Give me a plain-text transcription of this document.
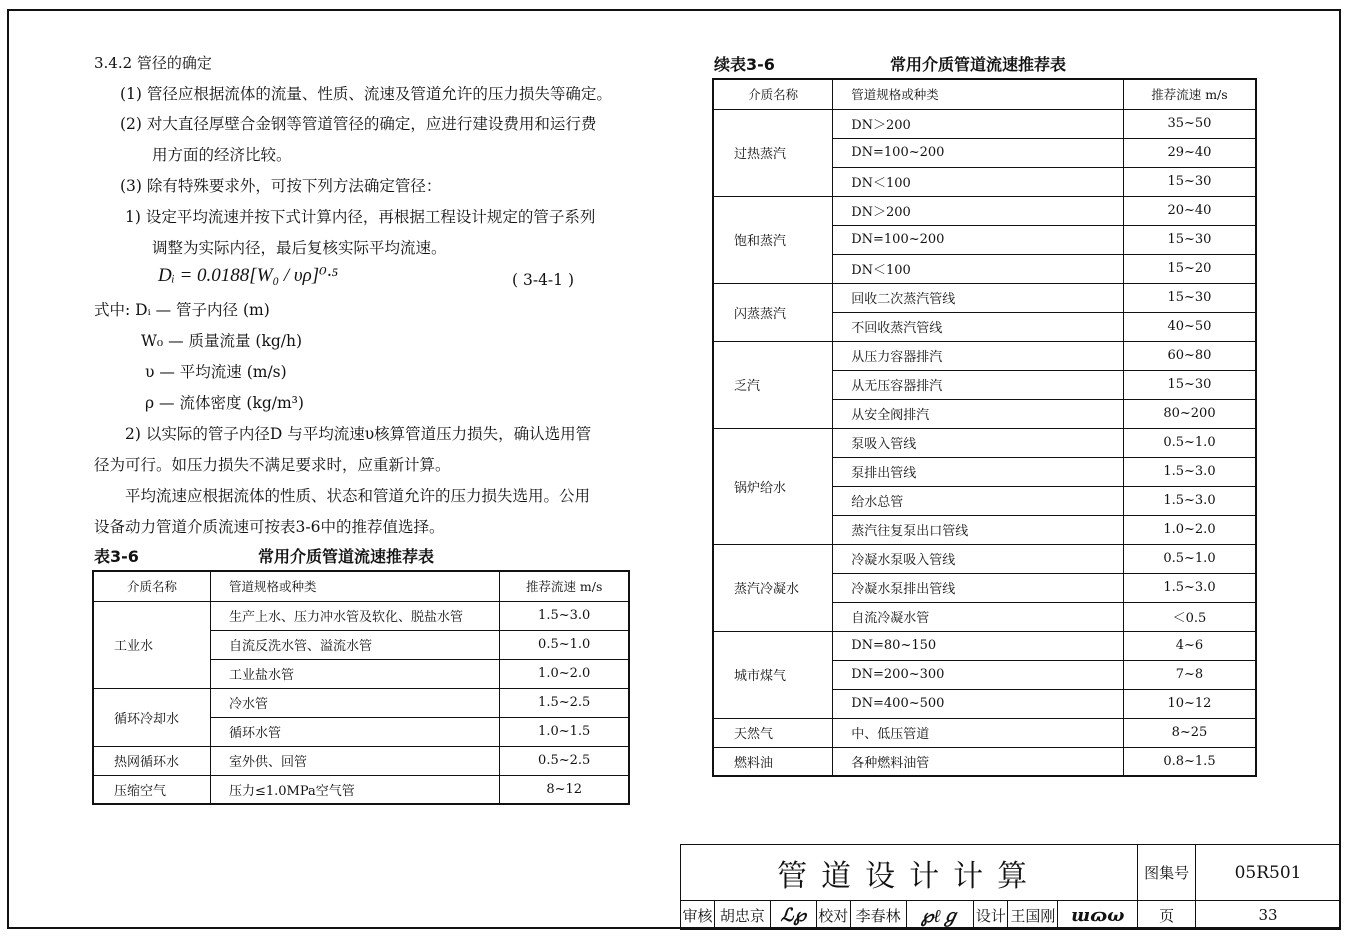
3.4.2 管径的确定
(1) 管径应根据流体的流量、性质、流速及管道允许的压力损失等确定。
(2) 对大直径厚壁合金钢等管道管径的确定，应进行建设费用和运行费
用方面的经济比较。
(3) 除有特殊要求外，可按下列方法确定管径：
1) 设定平均流速并按下式计算内径，再根据工程设计规定的管子系列
调整为实际内径，最后复核实际平均流速。
Dᵢ = 0.0188[W₀ / υρ]⁰·⁵	( 3-4-1 )
式中: Dᵢ — 管子内径 (m)
W₀ — 质量流量 (kg/h)
υ — 平均流速 (m/s)
ρ — 流体密度 (kg/m³)
2) 以实际的管子内径D 与平均流速υ核算管道压力损失，确认选用管
径为可行。如压力损失不满足要求时，应重新计算。
平均流速应根据流体的性质、状态和管道允许的压力损失选用。公用
设备动力管道介质流速可按表3-6中的推荐值选择。
表3-6	常用介质管道流速推荐表
介质名称	管道规格或种类	推荐流速 m/s
工业水	生产上水、压力冲水管及软化、脱盐水管	1.5~3.0
	自流反洗水管、溢流水管	0.5~1.0
	工业盐水管	1.0~2.0
循环冷却水	冷水管	1.5~2.5
	循环水管	1.0~1.5
热网循环水	室外供、回管	0.5~2.5
压缩空气	压力≤1.0MPa空气管	8~12
续表3-6	常用介质管道流速推荐表
介质名称	管道规格或种类	推荐流速 m/s
过热蒸汽	DN＞200	35~50
	DN=100~200	29~40
	DN＜100	15~30
饱和蒸汽	DN＞200	20~40
	DN=100~200	15~30
	DN＜100	15~20
闪蒸蒸汽	回收二次蒸汽管线	15~30
	不回收蒸汽管线	40~50
乏汽	从压力容器排汽	60~80
	从无压容器排汽	15~30
	从安全阀排汽	80~200
锅炉给水	泵吸入管线	0.5~1.0
	泵排出管线	1.5~3.0
	给水总管	1.5~3.0
	蒸汽往复泵出口管线	1.0~2.0
蒸汽冷凝水	冷凝水泵吸入管线	0.5~1.0
	冷凝水泵排出管线	1.5~3.0
	自流冷凝水管	＜0.5
城市煤气	DN=80~150	4~6
	DN=200~300	7~8
	DN=400~500	10~12
天然气	中、低压管道	8~25
燃料油	各种燃料油管	0.8~1.5
管道设计计算									图集号	05R501
审核	胡忠京	ℒ℘	校对	李春林	℘ℓℊ	设计	王国刚	ɯɷω	页	33
